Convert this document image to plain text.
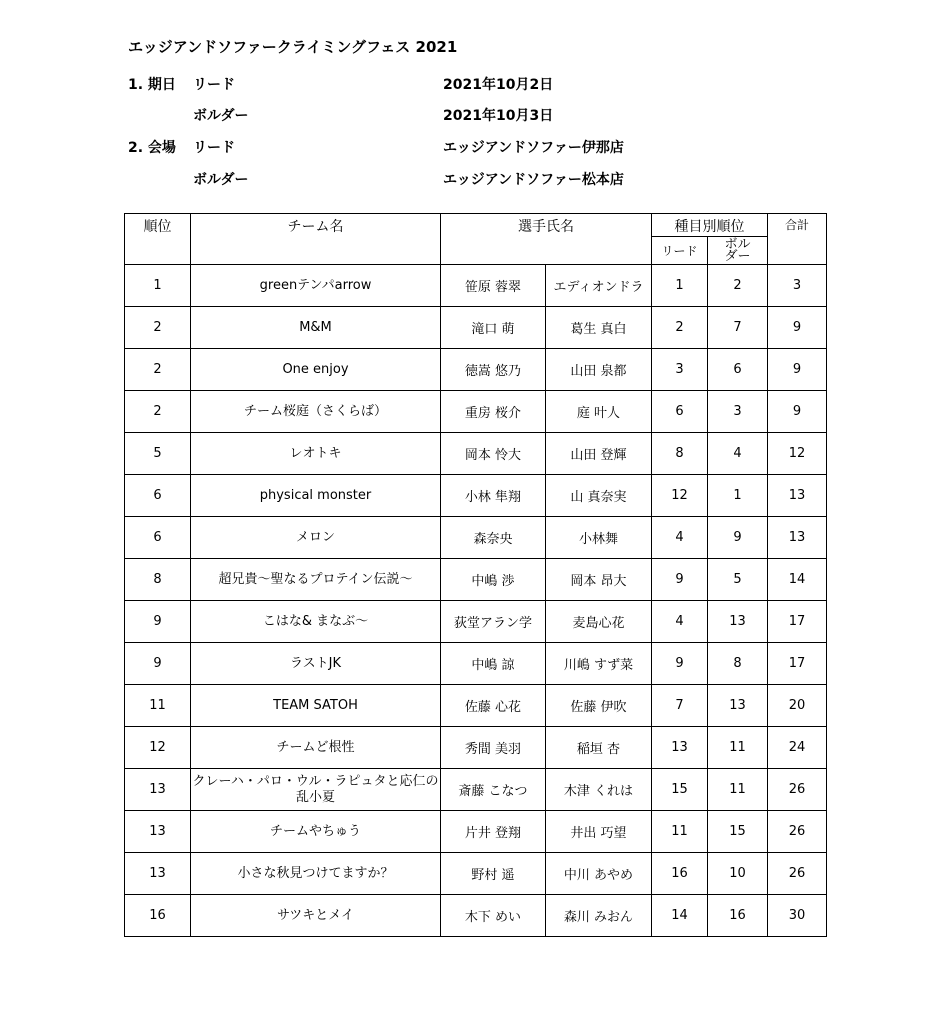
エッジアンドソファークライミングフェス 2021
1. 期日 リード	2021年10月2日
ボルダー	2021年10月3日
2. 会場 リード	エッジアンドソファー伊那店
ボルダー	エッジアンドソファー松本店
順位	チーム名	選手氏名		種目別順位		合計
				リード	ボル
ダー	
1	greenテンパarrow	笹原 蓉翠	エディオンドラ	1	2	3
2	M&M	滝口 萌	葛生 真白	2	7	9
2	One enjoy	徳嵩 悠乃	山田 泉都	3	6	9
2	チーム桜庭（さくらば）	重房 桜介	庭 叶人	6	3	9
5	レオトキ	岡本 怜大	山田 登輝	8	4	12
6	physical monster	小林 隼翔	山 真奈実	12	1	13
6	メロン	森奈央	小林舞	4	9	13
8	超兄貴～聖なるプロテイン伝説～	中嶋 渉	岡本 昂大	9	5	14
9	こはな& まなぶ～	荻堂アラン学	麦島心花	4	13	17
9	ラストJK	中嶋 諒	川嶋 すず菜	9	8	17
11	TEAM SATOH	佐藤 心花	佐藤 伊吹	7	13	20
12	チームど根性	秀間 美羽	稲垣 杏	13	11	24
13	クレーハ・パロ・ウル・ラピュタと応仁の乱小夏	斎藤 こなつ	木津 くれは	15	11	26
13	チームやちゅう	片井 登翔	井出 巧望	11	15	26
13	小さな秋見つけてますか？	野村 遥	中川 あやめ	16	10	26
16	サツキとメイ	木下 めい	森川 みおん	14	16	30
